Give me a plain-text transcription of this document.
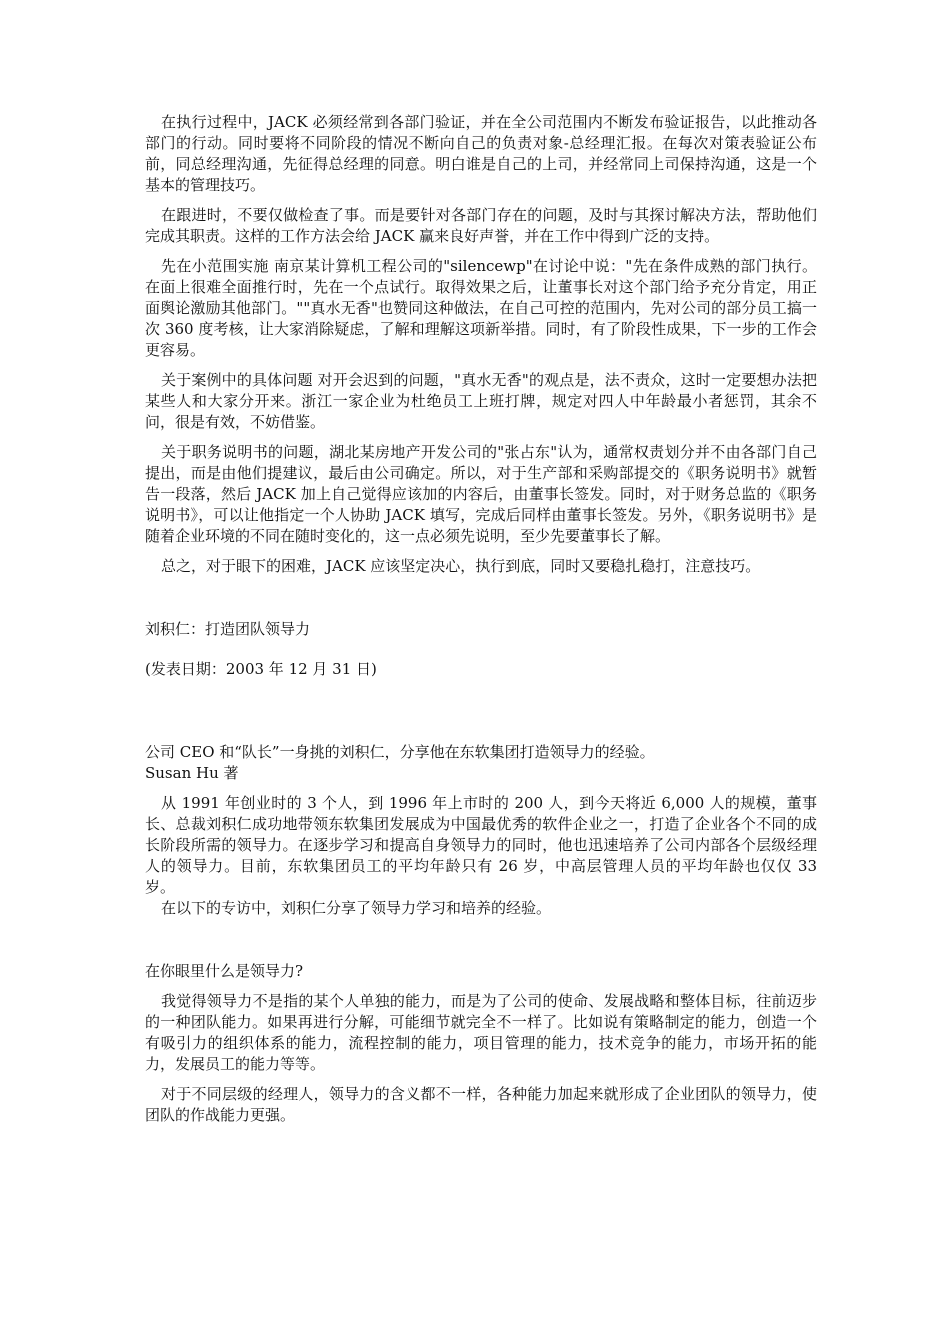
在执行过程中，JACK 必须经常到各部门验证，并在全公司范围内不断发布验证报告，以此推动各部门的行动。同时要将不同阶段的情况不断向自己的负责对象-总经理汇报。在每次对策表验证公布前，同总经理沟通，先征得总经理的同意。明白谁是自己的上司，并经常同上司保持沟通，这是一个基本的管理技巧。

在跟进时，不要仅做检查了事。而是要针对各部门存在的问题，及时与其探讨解决方法，帮助他们完成其职责。这样的工作方法会给 JACK 赢来良好声誉，并在工作中得到广泛的支持。

先在小范围实施 南京某计算机工程公司的"silencewp"在讨论中说："先在条件成熟的部门执行。在面上很难全面推行时，先在一个点试行。取得效果之后，让董事长对这个部门给予充分肯定，用正面舆论激励其他部门。""真水无香"也赞同这种做法，在自己可控的范围内，先对公司的部分员工搞一次 360 度考核，让大家消除疑虑，了解和理解这项新举措。同时，有了阶段性成果，下一步的工作会更容易。

关于案例中的具体问题 对开会迟到的问题，"真水无香"的观点是，法不责众，这时一定要想办法把某些人和大家分开来。浙江一家企业为杜绝员工上班打牌，规定对四人中年龄最小者惩罚，其余不问，很是有效，不妨借鉴。

关于职务说明书的问题，湖北某房地产开发公司的"张占东"认为，通常权责划分并不由各部门自己提出，而是由他们提建议，最后由公司确定。所以，对于生产部和采购部提交的《职务说明书》就暂告一段落，然后 JACK 加上自己觉得应该加的内容后，由董事长签发。同时，对于财务总监的《职务说明书》，可以让他指定一个人协助 JACK 填写，完成后同样由董事长签发。另外，《职务说明书》是随着企业环境的不同在随时变化的，这一点必须先说明，至少先要董事长了解。

总之，对于眼下的困难，JACK 应该坚定决心，执行到底，同时又要稳扎稳打，注意技巧。

刘积仁：打造团队领导力

(发表日期：2003 年 12 月 31 日)

公司 CEO 和“队长”一身挑的刘积仁，分享他在东软集团打造领导力的经验。

Susan Hu 著

从 1991 年创业时的 3 个人，到 1996 年上市时的 200 人，到今天将近 6,000 人的规模，董事长、总裁刘积仁成功地带领东软集团发展成为中国最优秀的软件企业之一，打造了企业各个不同的成长阶段所需的领导力。在逐步学习和提高自身领导力的同时，他也迅速培养了公司内部各个层级经理人的领导力。目前，东软集团员工的平均年龄只有 26 岁，中高层管理人员的平均年龄也仅仅 33 岁。

在以下的专访中，刘积仁分享了领导力学习和培养的经验。

在你眼里什么是领导力?

我觉得领导力不是指的某个人单独的能力，而是为了公司的使命、发展战略和整体目标，往前迈步的一种团队能力。如果再进行分解，可能细节就完全不一样了。比如说有策略制定的能力，创造一个有吸引力的组织体系的能力，流程控制的能力，项目管理的能力，技术竞争的能力，市场开拓的能力，发展员工的能力等等。

对于不同层级的经理人，领导力的含义都不一样，各种能力加起来就形成了企业团队的领导力，使团队的作战能力更强。
